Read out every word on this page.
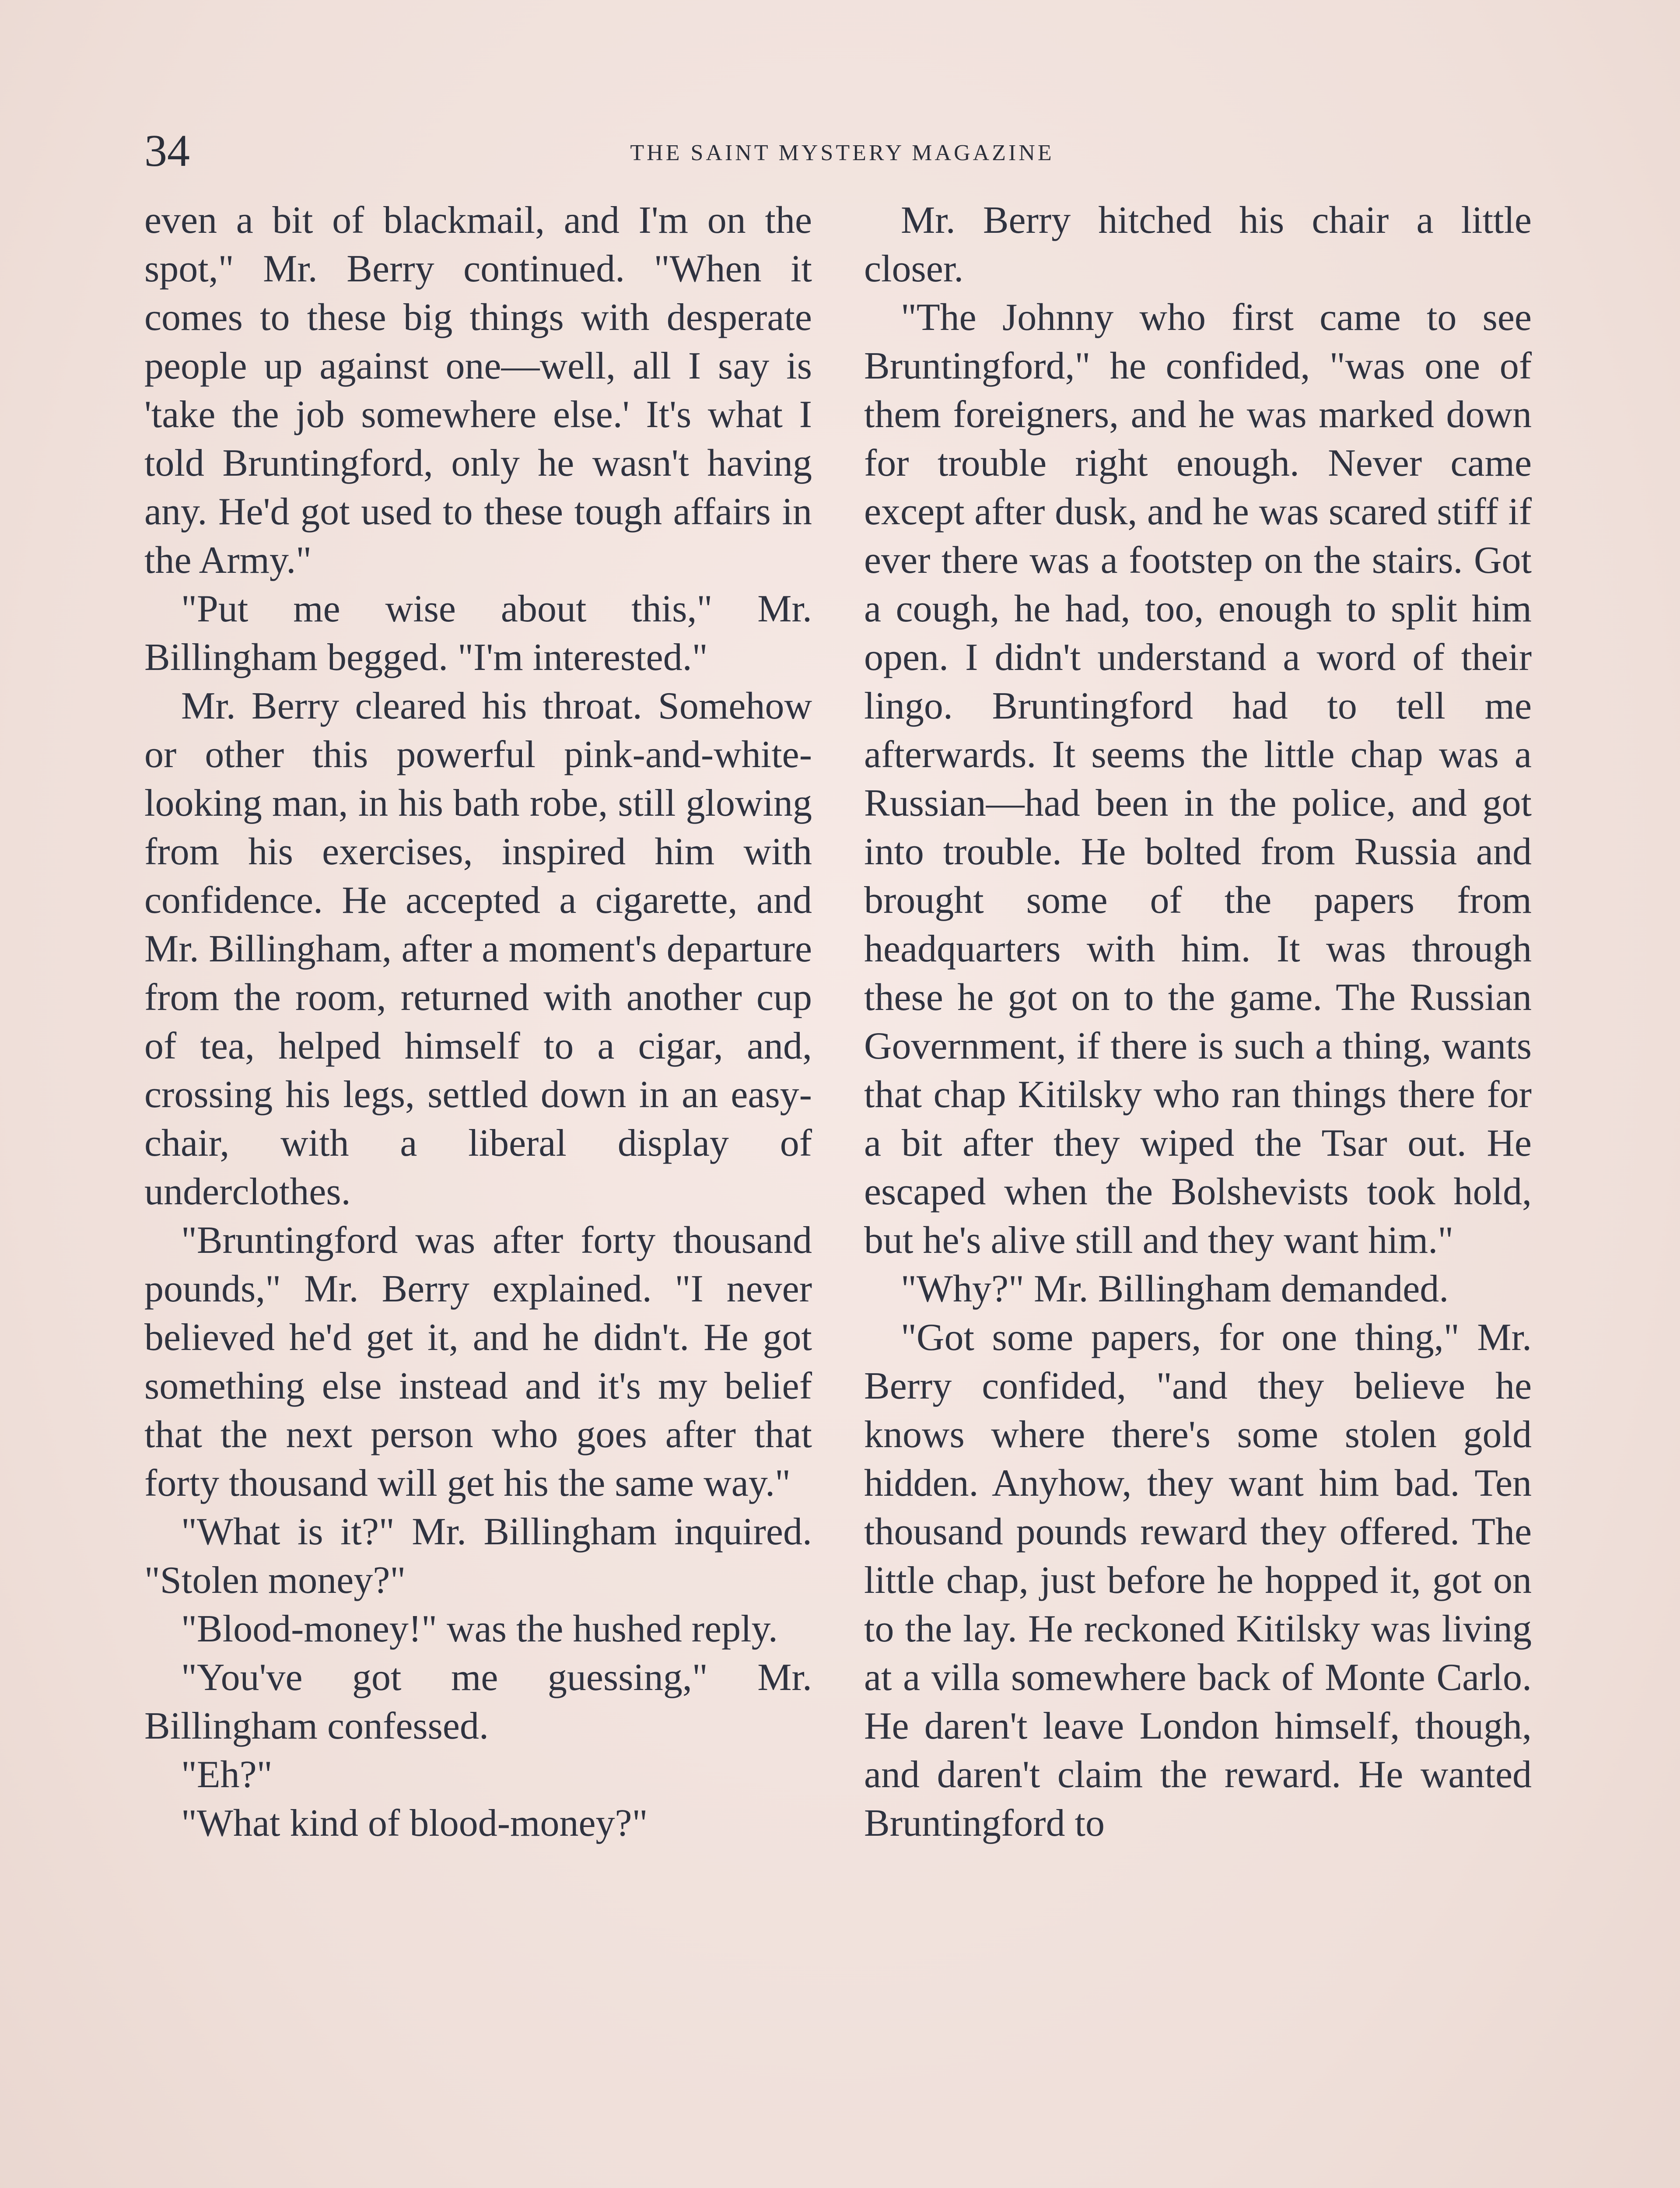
34	THE SAINT MYSTERY MAGAZINE

even a bit of blackmail, and I'm on the spot," Mr. Berry continued. "When it comes to these big things with desperate people up against one—well, all I say is 'take the job somewhere else.' It's what I told Bruntingford, only he wasn't having any. He'd got used to these tough affairs in the Army."

"Put me wise about this," Mr. Billingham begged. "I'm interested."

Mr. Berry cleared his throat. Somehow or other this powerful pink-and-white-looking man, in his bath robe, still glowing from his exercises, inspired him with confidence. He accepted a cigarette, and Mr. Billingham, after a moment's departure from the room, returned with another cup of tea, helped himself to a cigar, and, crossing his legs, settled down in an easy-chair, with a liberal display of underclothes.

"Bruntingford was after forty thousand pounds," Mr. Berry explained. "I never believed he'd get it, and he didn't. He got something else instead and it's my belief that the next person who goes after that forty thousand will get his the same way."

"What is it?" Mr. Billingham inquired. "Stolen money?"

"Blood-money!" was the hushed reply.

"You've got me guessing," Mr. Billingham confessed.

"Eh?"

"What kind of blood-money?"

Mr. Berry hitched his chair a little closer.

"The Johnny who first came to see Bruntingford," he confided, "was one of them foreigners, and he was marked down for trouble right enough. Never came except after dusk, and he was scared stiff if ever there was a footstep on the stairs. Got a cough, he had, too, enough to split him open. I didn't understand a word of their lingo. Bruntingford had to tell me afterwards. It seems the little chap was a Russian—had been in the police, and got into trouble. He bolted from Russia and brought some of the papers from headquarters with him. It was through these he got on to the game. The Russian Government, if there is such a thing, wants that chap Kitilsky who ran things there for a bit after they wiped the Tsar out. He escaped when the Bolshevists took hold, but he's alive still and they want him."

"Why?" Mr. Billingham demanded.

"Got some papers, for one thing," Mr. Berry confided, "and they believe he knows where there's some stolen gold hidden. Anyhow, they want him bad. Ten thousand pounds reward they offered. The little chap, just before he hopped it, got on to the lay. He reckoned Kitilsky was living at a villa somewhere back of Monte Carlo. He daren't leave London himself, though, and daren't claim the reward. He wanted Bruntingford to
